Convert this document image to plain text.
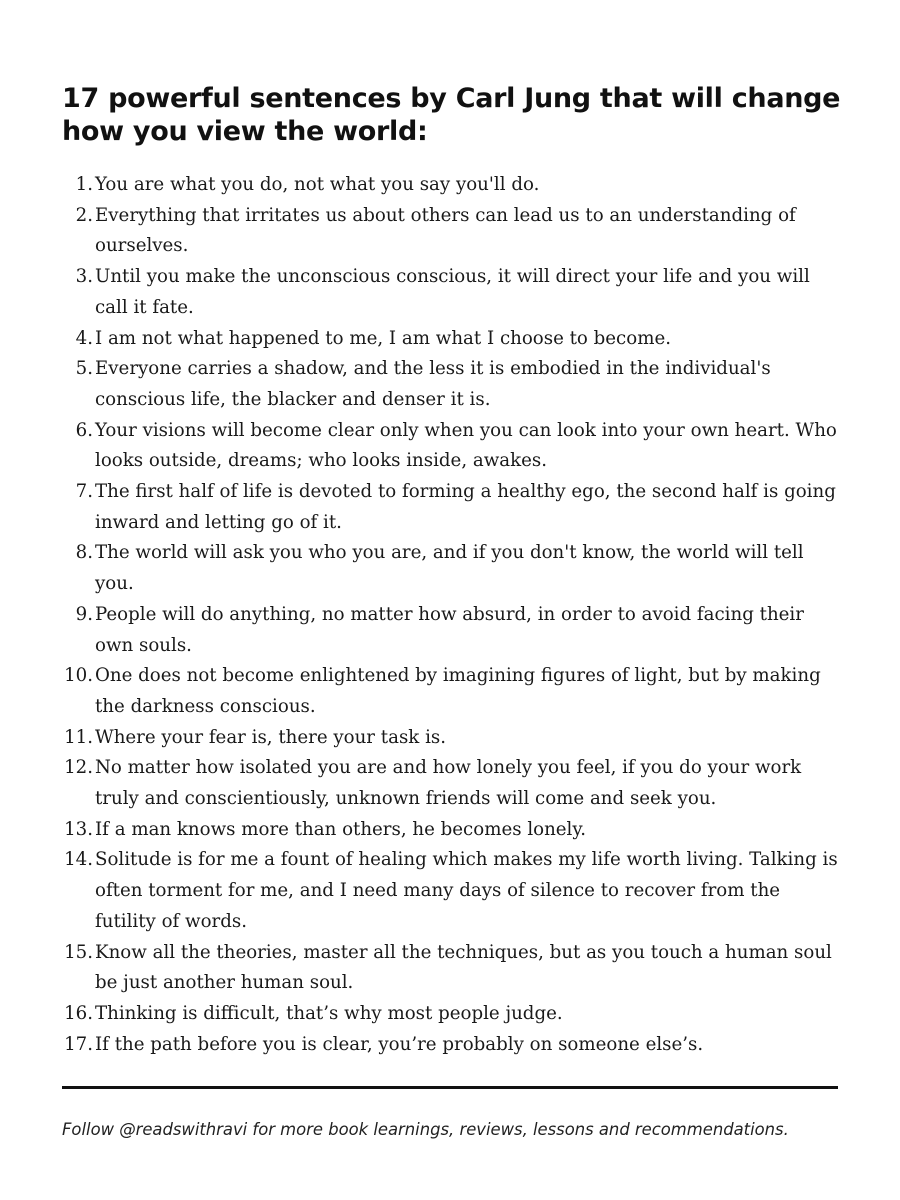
17 powerful sentences by Carl Jung that will change how you view the world:
1. You are what you do, not what you say you'll do.
2. Everything that irritates us about others can lead us to an understanding of ourselves.
3. Until you make the unconscious conscious, it will direct your life and you will call it fate.
4. I am not what happened to me, I am what I choose to become.
5. Everyone carries a shadow, and the less it is embodied in the individual's conscious life, the blacker and denser it is.
6. Your visions will become clear only when you can look into your own heart. Who looks outside, dreams; who looks inside, awakes.
7. The first half of life is devoted to forming a healthy ego, the second half is going inward and letting go of it.
8. The world will ask you who you are, and if you don't know, the world will tell you.
9. People will do anything, no matter how absurd, in order to avoid facing their own souls.
10. One does not become enlightened by imagining figures of light, but by making the darkness conscious.
11. Where your fear is, there your task is.
12. No matter how isolated you are and how lonely you feel, if you do your work truly and conscientiously, unknown friends will come and seek you.
13. If a man knows more than others, he becomes lonely.
14. Solitude is for me a fount of healing which makes my life worth living. Talking is often torment for me, and I need many days of silence to recover from the futility of words.
15. Know all the theories, master all the techniques, but as you touch a human soul be just another human soul.
16. Thinking is difficult, that’s why most people judge.
17. If the path before you is clear, you’re probably on someone else’s.

Follow @readswithravi for more book learnings, reviews, lessons and recommendations.
